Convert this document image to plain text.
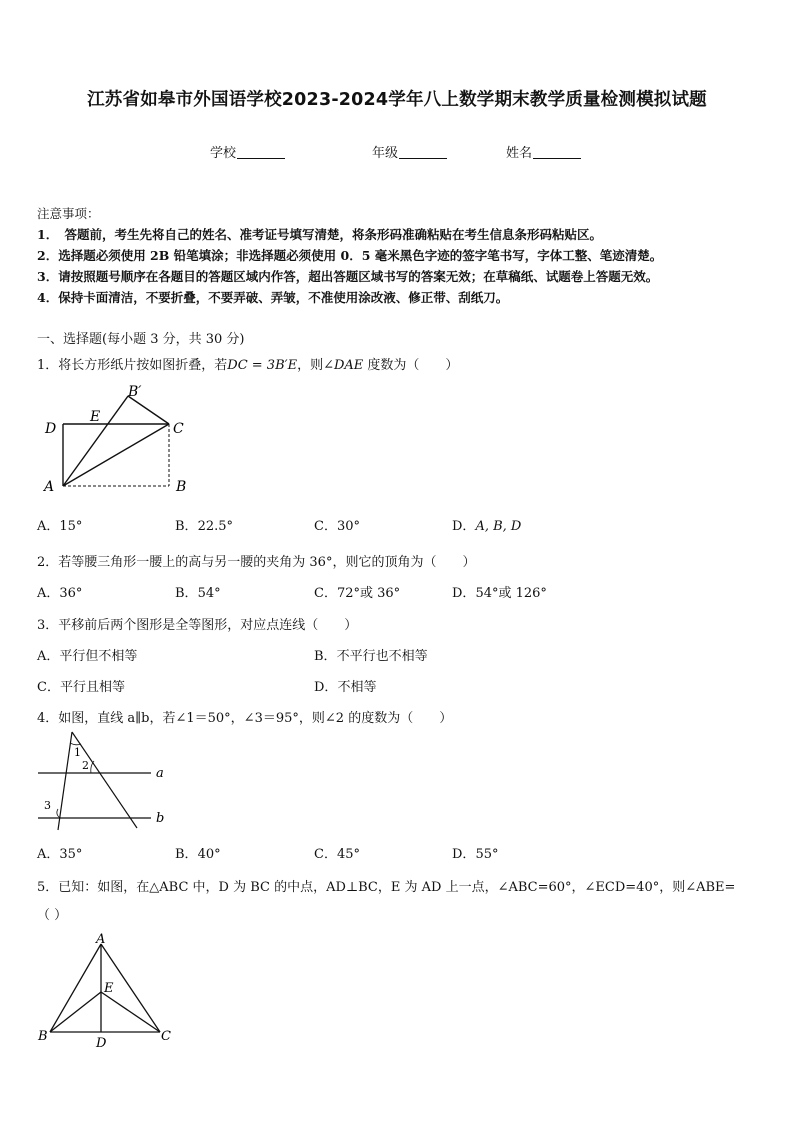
江苏省如皋市外国语学校2023-2024学年八上数学期末教学质量检测模拟试题
学校	年级	姓名
注意事项：
1．　答题前，考生先将自己的姓名、准考证号填写清楚，将条形码准确粘贴在考生信息条形码粘贴区。
2．选择题必须使用 2B 铅笔填涂；非选择题必须使用 0．5 毫米黑色字迹的签字笔书写，字体工整、笔迹清楚。
3．请按照题号顺序在各题目的答题区域内作答，超出答题区域书写的答案无效；在草稿纸、试题卷上答题无效。
4．保持卡面清洁，不要折叠，不要弄破、弄皱，不准使用涂改液、修正带、刮纸刀。
一、选择题(每小题 3 分，共 30 分)
1．将长方形纸片按如图折叠，若DC = 3B′E，则∠DAE 度数为（　　）
B′
E
D	C
A	B
A．15°	B．22.5°	C．30°	D．A, B, D
2．若等腰三角形一腰上的高与另一腰的夹角为 36°，则它的顶角为（　　）
A．36°	B．54°	C．72°或 36°	D．54°或 126°
3．平移前后两个图形是全等图形，对应点连线（　　）
A．平行但不相等	B．不平行也不相等
C．平行且相等	D．不相等
4．如图，直线 a∥b，若∠1＝50°，∠3＝95°，则∠2 的度数为（　　）
1
2
3
a
b
A．35°	B．40°	C．45°	D．55°
5．已知：如图，在△ABC 中，D 为 BC 的中点，AD⊥BC，E 为 AD 上一点，∠ABC=60°，∠ECD=40°，则∠ABE=
（ ）
A
E
B	D	C
